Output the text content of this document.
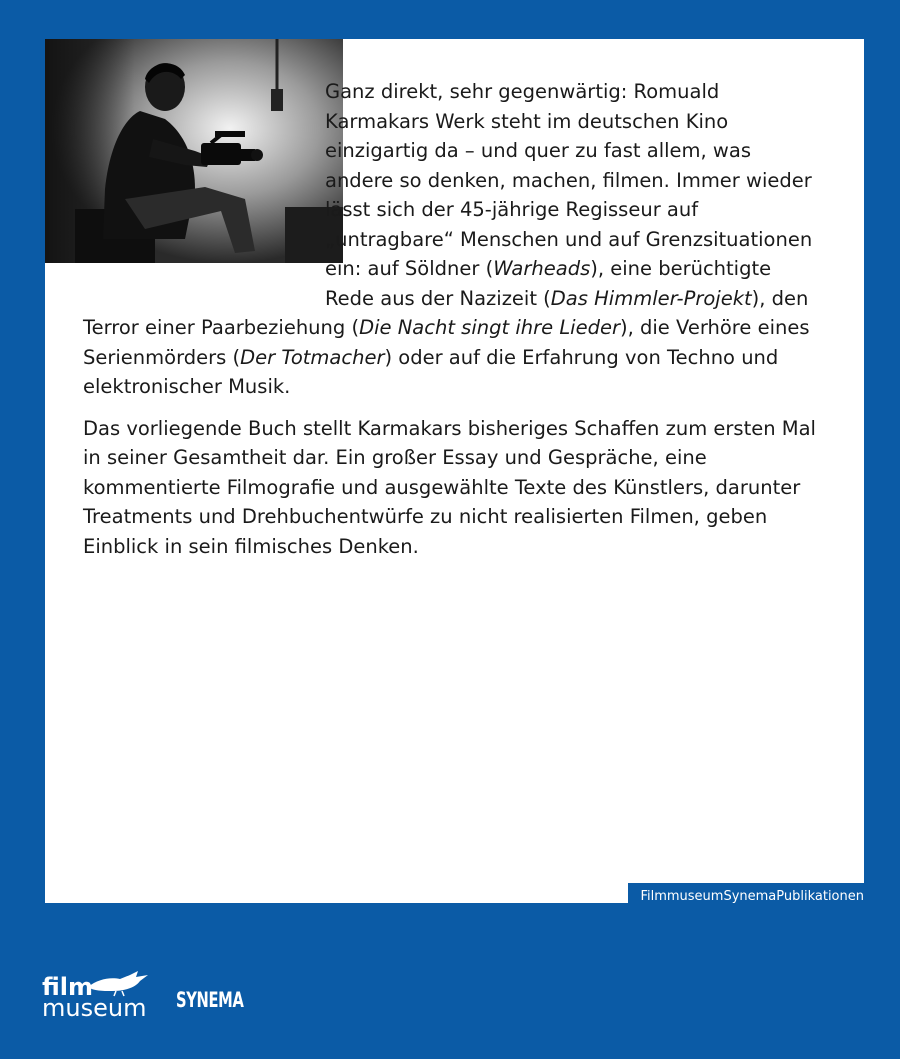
Ganz direkt, sehr gegenwärtig: Romuald Karmakars Werk steht im deutschen Kino einzigartig da – und quer zu fast allem, was andere so denken, machen, filmen. Immer wieder lässt sich der 45-jährige Regisseur auf „untragbare“ Menschen und auf Grenzsituationen ein: auf Söldner (Warheads), eine berüchtigte Rede aus der Nazizeit (Das Himmler-Projekt), den Terror einer Paarbeziehung (Die Nacht singt ihre Lieder), die Verhöre eines Serienmörders (Der Totmacher) oder auf die Erfahrung von Techno und elektronischer Musik.

Das vorliegende Buch stellt Karmakars bisheriges Schaffen zum ersten Mal in seiner Gesamtheit dar. Ein großer Essay und Gespräche, eine kommentierte Filmografie und ausgewählte Texte des Künstlers, darunter Treatments und Drehbuchentwürfe zu nicht realisierten Filmen, geben Einblick in sein filmisches Denken.

FilmmuseumSynemaPublikationen
film
museum SYNEMA
